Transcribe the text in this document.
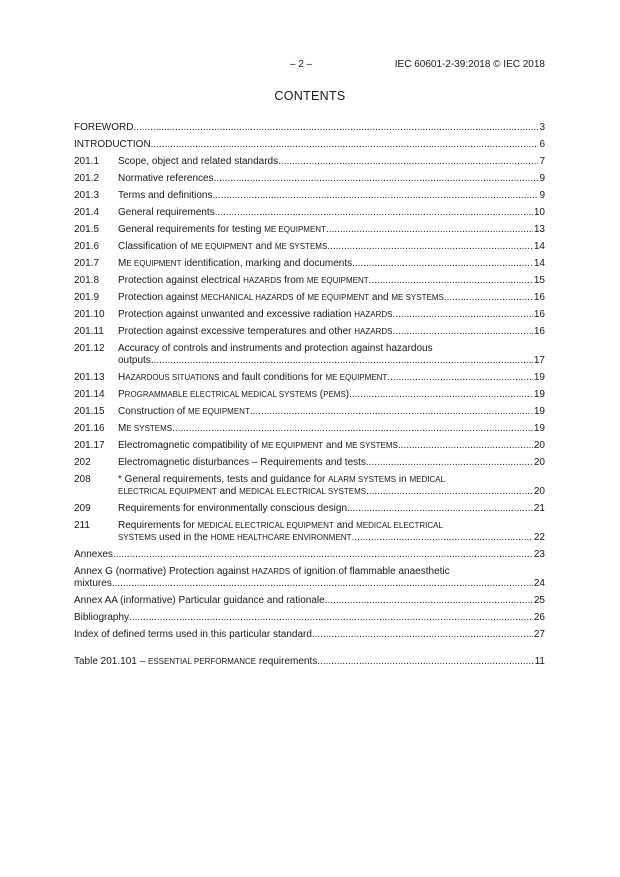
– 2 –	IEC 60601-2-39:2018 © IEC 2018
CONTENTS
FOREWORD .....	3
INTRODUCTION .....	6
201.1	Scope, object and related standards .....	7
201.2	Normative references .....	9
201.3	Terms and definitions .....	9
201.4	General requirements .....	10
201.5	General requirements for testing ME EQUIPMENT .....	13
201.6	Classification of ME EQUIPMENT and ME SYSTEMS .....	14
201.7	ME EQUIPMENT identification, marking and documents .....	14
201.8	Protection against electrical HAZARDS from ME EQUIPMENT .....	15
201.9	Protection against MECHANICAL HAZARDS of ME EQUIPMENT and ME SYSTEMS .....	16
201.10	Protection against unwanted and excessive radiation HAZARDS .....	16
201.11	Protection against excessive temperatures and other HAZARDS .....	16
201.12	Accuracy of controls and instruments and protection against hazardous
outputs .....	17
201.13	HAZARDOUS SITUATIONS and fault conditions for ME EQUIPMENT .....	19
201.14	PROGRAMMABLE ELECTRICAL MEDICAL SYSTEMS (PEMS) .....	19
201.15	Construction of ME EQUIPMENT .....	19
201.16	ME SYSTEMS .....	19
201.17	Electromagnetic compatibility of ME EQUIPMENT and ME SYSTEMS .....	20
202	Electromagnetic disturbances – Requirements and tests .....	20
208	* General requirements, tests and guidance for ALARM SYSTEMS in MEDICAL
ELECTRICAL EQUIPMENT and MEDICAL ELECTRICAL SYSTEMS .....	20
209	Requirements for environmentally conscious design .....	21
211	Requirements for MEDICAL ELECTRICAL EQUIPMENT and MEDICAL ELECTRICAL
SYSTEMS used in the HOME HEALTHCARE ENVIRONMENT .....	22
Annexes .....	23
Annex G (normative) Protection against HAZARDS of ignition of flammable anaesthetic
mixtures .....	24
Annex AA (informative) Particular guidance and rationale .....	25
Bibliography .....	26
Index of defined terms used in this particular standard .....	27
Table 201.101 – ESSENTIAL PERFORMANCE requirements .....	11
